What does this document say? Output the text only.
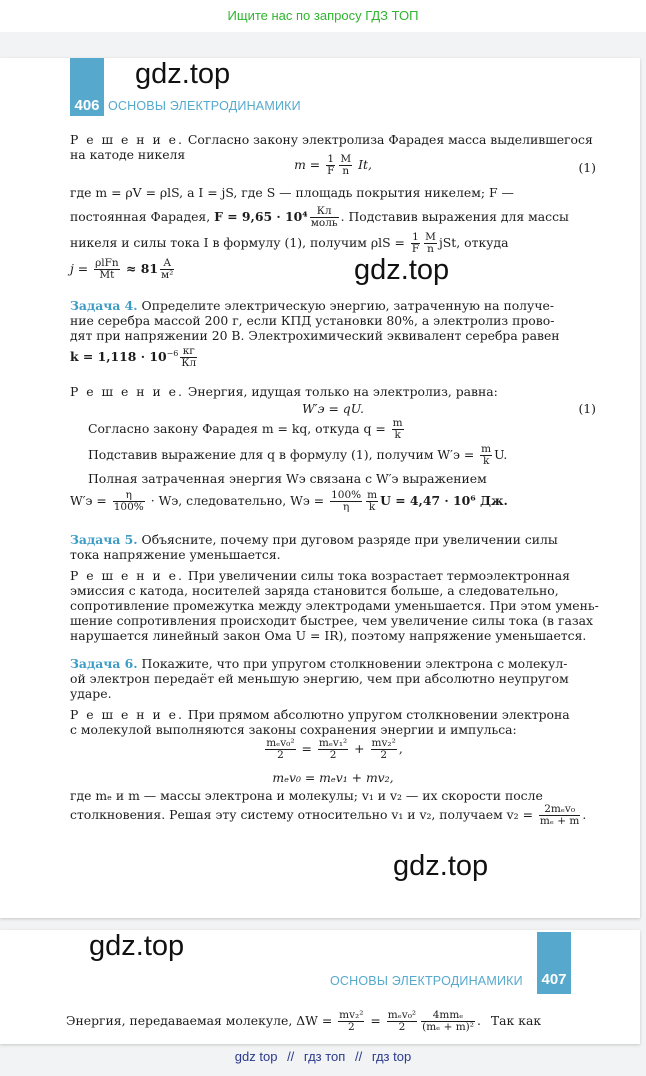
Ищите нас по запросу ГДЗ ТОП
406 ОСНОВЫ ЭЛЕКТРОДИНАМИКИ
gdz.top
Р е ш е н и е. Согласно закону электролиза Фарадея масса выделившегося
на катоде никеля
$m = \frac{1}{F} \frac{M}{n} It$,	(1)
где m = ρV = ρlS, а I = jS, где S — площадь покрытия никелем; F —
постоянная Фарадея, F = 9,65 · 10⁴ Кл
моль . Подставив выражения для массы
никеля и силы тока I в формулу (1), получим $\rho lS = \frac{1}{F} \frac{M}{n}$ jSt, откуда
j = ρlFn
Mt ≈ 81 А
м²	gdz.top
Задача 4. Определите электрическую энергию, затраченную на получе-
ние серебра массой 200 г, если КПД установки 80%, а электролиз прово-
дят при напряжении 20 В. Электрохимический эквивалент серебра равен
$k = 1,118 \cdot 10^{-6}$ кг
Кл
Р е ш е н и е. Энергия, идущая только на электролиз, равна:
W′э = qU.	(1)
Согласно закону Фарадея m = kq, откуда $q = \frac{m}{k}$
Подставив выражение для q в формулу (1), получим $W'э = \frac{m}{k} U$.
Полная затраченная энергия Wэ связана с W′э выражением
$W'э = \frac{\eta}{100\%}$ · Wэ, следовательно, Wэ = $\frac{100\%}{\eta} \frac{m}{k}$ U = 4,47 · 10⁶ Дж.
Задача 5. Объясните, почему при дуговом разряде при увеличении силы
тока напряжение уменьшается.
Р е ш е н и е. При увеличении силы тока возрастает термоэлектронная
эмиссия с катода, носителей заряда становится больше, а следовательно,
сопротивление промежутка между электродами уменьшается. При этом умень-
шение сопротивления происходит быстрее, чем увеличение силы тока (в газах
нарушается линейный закон Ома U = IR), поэтому напряжение уменьшается.
Задача 6. Покажите, что при упругом столкновении электрона с молекул-
ой электрон передаёт ей меньшую энергию, чем при абсолютно неупругом
ударе.
Р е ш е н и е. При прямом абсолютно упругом столкновении электрона
с молекулой выполняются законы сохранения энергии и импульса:
mₑv₀²
2	= mₑv₁²
2	+ $\frac{\text{mv₂²}}{2}$ ,
mₑv₀ = mₑv₁ + mv₂,
где mₑ и m — массы электрона и молекулы; v₁ и v₂ — их скорости после
столкновения. Решая эту систему относительно v₁ и v₂, получаем v₂ = 2mₑv₀
mₑ + m .
gdz.top
gdz.top
ОСНОВЫ ЭЛЕКТРОДИНАМИКИ 407
Энергия, передаваемая молекуле, $\Delta W = \frac{\text{mv₂²}}{2} = m_ev_0^2$
2
4mmₑ
(mₑ + m)² . Так как
gdz top // гдз топ // гдз top
